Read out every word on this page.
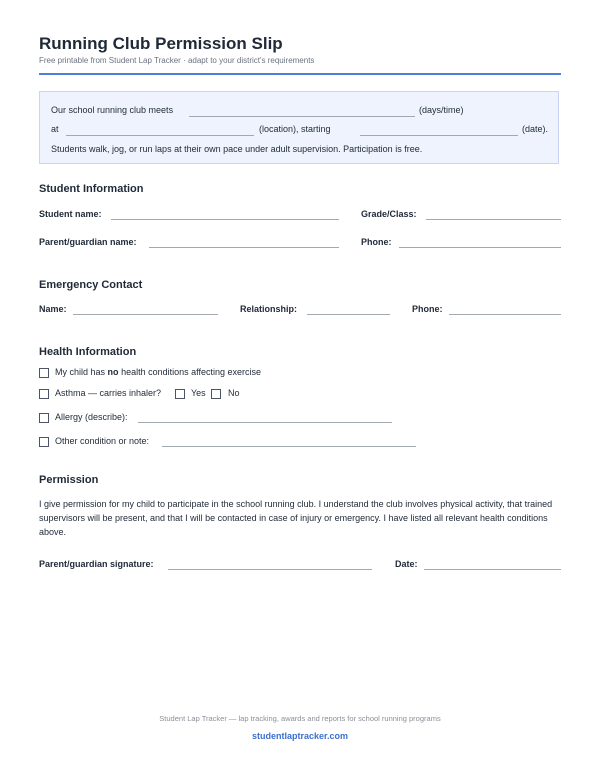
Running Club Permission Slip
Free printable from Student Lap Tracker · adapt to your district's requirements
Our school running club meets	(days/time)
at	(location), starting	(date).
Students walk, jog, or run laps at their own pace under adult supervision. Participation is free.
Student Information
Student name:	Grade/Class:
Parent/guardian name:	Phone:
Emergency Contact
Name:	Relationship:	Phone:
Health Information
My child has no health conditions affecting exercise
Asthma — carries inhaler?	Yes No
Allergy (describe):
Other condition or note:
Permission
I give permission for my child to participate in the school running club. I understand the club involves physical activity, that trained supervisors will be present, and that I will be contacted in case of injury or emergency. I have listed all relevant health conditions above.
Parent/guardian signature:	Date:
Student Lap Tracker — lap tracking, awards and reports for school running programs
studentlaptracker.com
